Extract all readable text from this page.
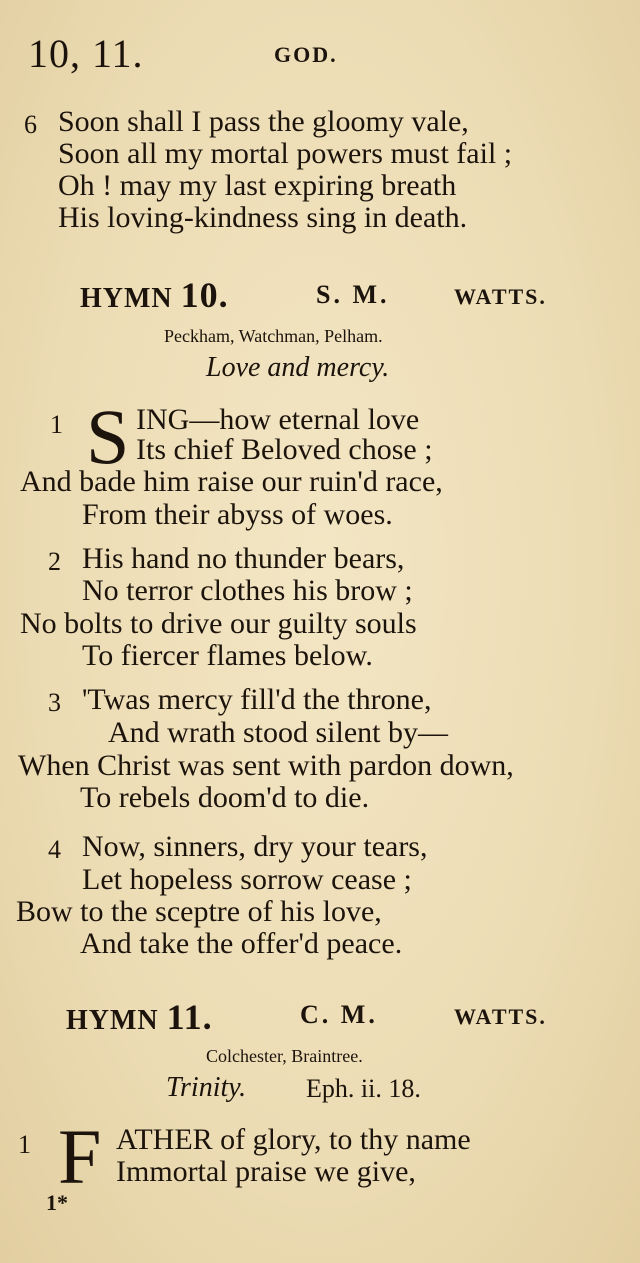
10, 11.	GOD.
6 Soon shall I pass the gloomy vale,
Soon all my mortal powers must fail ;
Oh ! may my last expiring breath
His loving-kindness sing in death.
HYMN 10.	S. M.	WATTS.
Peckham, Watchman, Pelham.
Love and mercy.
1 S ING—how eternal love
Its chief Beloved chose ;
And bade him raise our ruin'd race,
From their abyss of woes.
2 His hand no thunder bears,
No terror clothes his brow ;
No bolts to drive our guilty souls
To fiercer flames below.
3 'Twas mercy fill'd the throne,
And wrath stood silent by—
When Christ was sent with pardon down,
To rebels doom'd to die.
4 Now, sinners, dry your tears,
Let hopeless sorrow cease ;
Bow to the sceptre of his love,
And take the offer'd peace.
HYMN 11.	C. M.	WATTS.
Colchester, Braintree.
Trinity. Eph. ii. 18.
1 F ATHER of glory, to thy name
Immortal praise we give,
1*
